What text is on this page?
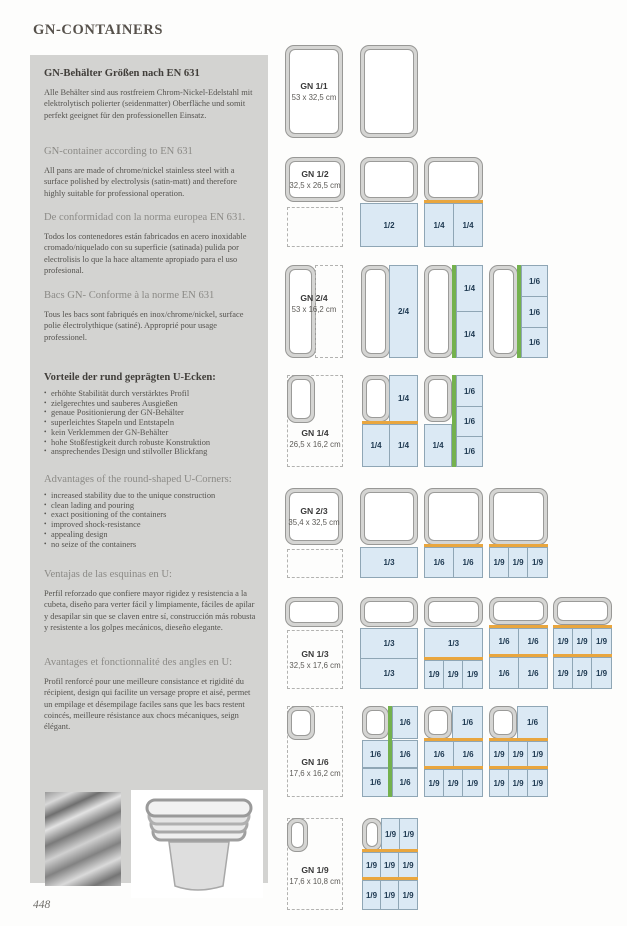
GN-CONTAINERS
GN-Behälter Größen nach EN 631

Alle Behälter sind aus rostfreiem Chrom-Nickel-Edelstahl mit elektrolytisch polierter (seidenmatter) Oberfläche und somit perfekt geeignet für den professionellen Einsatz.

GN-container according to EN 631

All pans are made of chrome/nickel stainless steel with a surface polished by electrolysis (satin-matt) and therefore highly suitable for professional operation.

De conformidad con la norma europea EN 631.

Todos los contenedores están fabricados en acero inoxidable cromado/niquelado con su superficie (satinada) pulida por electrolisis lo que la hace altamente apropiado para el uso profesional.

Bacs GN- Conforme à la norme EN 631

Tous les bacs sont fabriqués en inox/chrome/nickel, surface polie électrolythique (satiné). Approprié pour usage professionel.

Vorteile der rund geprägten U-Ecken:
• erhöhte Stabilität durch verstärktes Profil
• zielgerechtes und sauberes Ausgießen
• genaue Positionierung der GN-Behälter
• superleichtes Stapeln und Entstapeln
• kein Verklemmen der GN-Behälter
• hohe Stoßfestigkeit durch robuste Konstruktion
• ansprechendes Design und stilvoller Blickfang
Advantages of the round-shaped U-Corners:
• increased stability due to the unique construction
• clean lading and pouring
• exact positioning of the containers
• improved shock-resistance
• appealing design
• no seize of the containers
Ventajas de las esquinas en U:

Perfil reforzado que confiere mayor rigidez y resistencia a la cubeta, diseño para verter fácil y limpiamente, fáciles de apilar y desapilar sin que se claven entre sí, construcción más robusta y resistente a los golpes mecánicos, dieseño elegante.

Avantages et fonctionnalité des angles en U:

Profil renforcé pour une meilleure consistance et rigidité du récipient, design qui facilite un versage propre et aisé, permet un empilage et désempilage faciles sans que les bacs restent coincés, meilleure résistance aux chocs mécaniques, seign élégant.

GN 1/1
53 x 32,5 cm
GN 1/2
32,5 x 26,5 cm
1/2	1/4	1/4
GN 2/4
53 x 16,2 cm	2/4
1/4
1/4
1/6
1/6
1/6
GN 1/4
26,5 x 16,2 cm
1/4
1/4	1/4	1/4
1/6
1/6
1/6
GN 2/3
35,4 x 32,5 cm
1/3	1/6	1/6	1/9 1/9	1/9
GN 1/3
32,5 x 17,6 cm
1/3
1/3
1/3
1/9 1/9	1/9
1/6	1/6
1/6	1/6
1/9 1/9	1/9
1/9 1/9	1/9
GN 1/6
17,6 x 16,2 cm
1/6
1/6	1/6
1/6	1/6
1/6
1/6	1/6
1/9 1/9	1/9
1/6
1/9 1/9	1/9
1/9 1/9	1/9
GN 1/9
17,6 x 10,8 cm
1/9 1/9
1/9 1/9 1/9
1/9 1/9 1/9
448
